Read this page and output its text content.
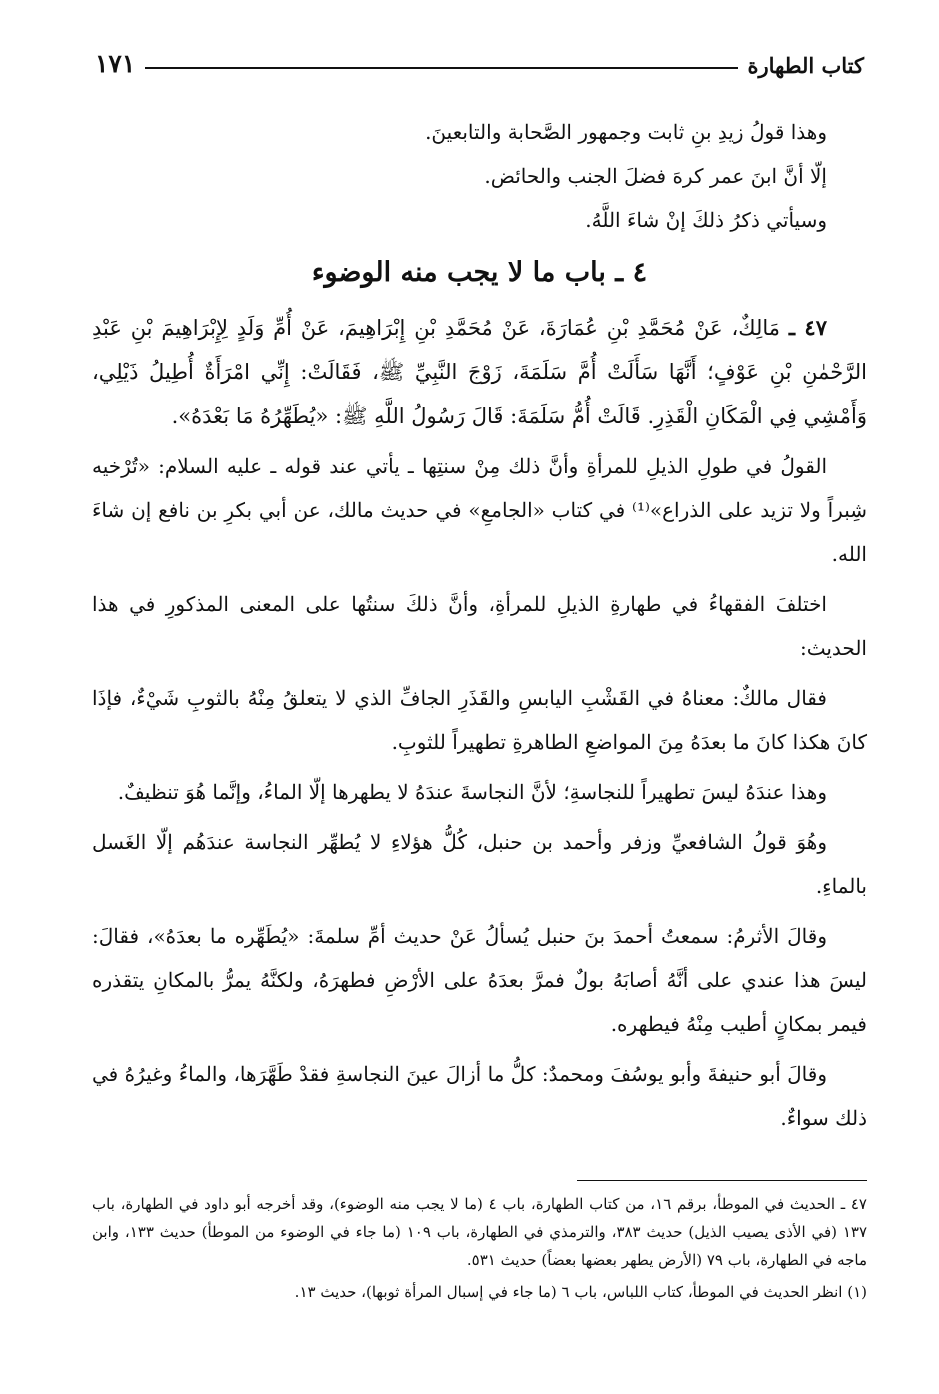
كتاب الطهارة
١٧١

وهذا قولُ زيدِ بنِ ثابت وجمهور الصَّحابة والتابعينَ.

إلّا أنَّ ابنَ عمر كرهَ فضلَ الجنب والحائض.

وسيأتي ذكرُ ذلكَ إنْ شاءَ اللَّهُ.

٤ ـ باب ما لا يجب منه الوضوء

٤٧ ـ مَالِكٌ، عَنْ مُحَمَّدِ بْنِ عُمَارَةَ، عَنْ مُحَمَّدِ بْنِ إِبْرَاهِيمَ، عَنْ أُمِّ وَلَدٍ لِإِبْرَاهِيمَ بْنِ عَبْدِ الرَّحْمٰنِ بْنِ عَوْفٍ؛ أَنَّهَا سَأَلَتْ أُمَّ سَلَمَةَ، زَوْجَ النَّبِيِّ ﷺ، فَقَالَتْ: إِنِّي امْرَأَةٌ أُطِيلُ ذَيْلِي، وَأَمْشِي فِي الْمَكَانِ الْقَذِرِ. قَالَتْ أُمُّ سَلَمَةَ: قَالَ رَسُولُ اللَّهِ ﷺ: «يُطَهِّرُهُ مَا بَعْدَهُ».

القولُ في طولِ الذيلِ للمرأةِ وأنَّ ذلك مِنْ سنتِها ـ يأتي عند قوله ـ عليه السلام: «تُرْخيه شِبراً ولا تزيد على الذراع»⁽¹⁾ في كتاب «الجامعِ» في حديث مالك، عن أبي بكرِ بن نافع إن شاءَ الله.

اختلفَ الفقهاءُ في طهارةِ الذيلِ للمرأةِ، وأنَّ ذلكَ سنتُها على المعنى المذكورِ في هذا الحديث:

فقال مالكٌ: معناهُ في القَشْبِ اليابسِ والقَذَرِ الجافِّ الذي لا يتعلقُ مِنْهُ بالثوبِ شَيْءٌ، فإذَا كانَ هكذا كانَ ما بعدَهُ مِنَ المواضعِ الطاهرةِ تطهيراً للثوبِ.

وهذا عندَهُ ليسَ تطهيراً للنجاسةِ؛ لأنَّ النجاسةَ عندَهُ لا يطهرها إلّا الماءُ، وإنَّما هُوَ تنظيفٌ.

وهُوَ قولُ الشافعيِّ وزفر وأحمد بن حنبل، كُلُّ هؤلاءِ لا يُطهِّر النجاسة عندَهُم إلّا الغَسل بالماءِ.

وقالَ الأثرمُ: سمعتُ أحمدَ بنَ حنبل يُسألُ عَنْ حديث أمِّ سلمةَ: «يُطَهِّره ما بعدَهُ»، فقالَ: ليسَ هذا عندي على أنَّهُ أصابَهُ بولٌ فمرَّ بعدَهُ على الأرْضِ فطهرَهُ، ولكنَّهُ يمرُّ بالمكانِ يتقذره فيمر بمكانٍ أطيب مِنْهُ فيطهره.

وقالَ أبو حنيفةَ وأبو يوسُفَ ومحمدٌ: كلُّ ما أزالَ عينَ النجاسةِ فقدْ طَهَّرَها، والماءُ وغيرُهُ في ذلك سواءٌ.

٤٧ ـ الحديث في الموطأ، برقم ١٦، من كتاب الطهارة، باب ٤ (ما لا يجب منه الوضوء)، وقد أخرجه أبو داود في الطهارة، باب ١٣٧ (في الأذى يصيب الذيل) حديث ٣٨٣، والترمذي في الطهارة، باب ١٠٩ (ما جاء في الوضوء من الموطأ) حديث ١٣٣، وابن ماجه في الطهارة، باب ٧٩ (الأرض يطهر بعضها بعضاً) حديث ٥٣١.

(١) انظر الحديث في الموطأ، كتاب اللباس، باب ٦ (ما جاء في إسبال المرأة ثوبها)، حديث ١٣.
